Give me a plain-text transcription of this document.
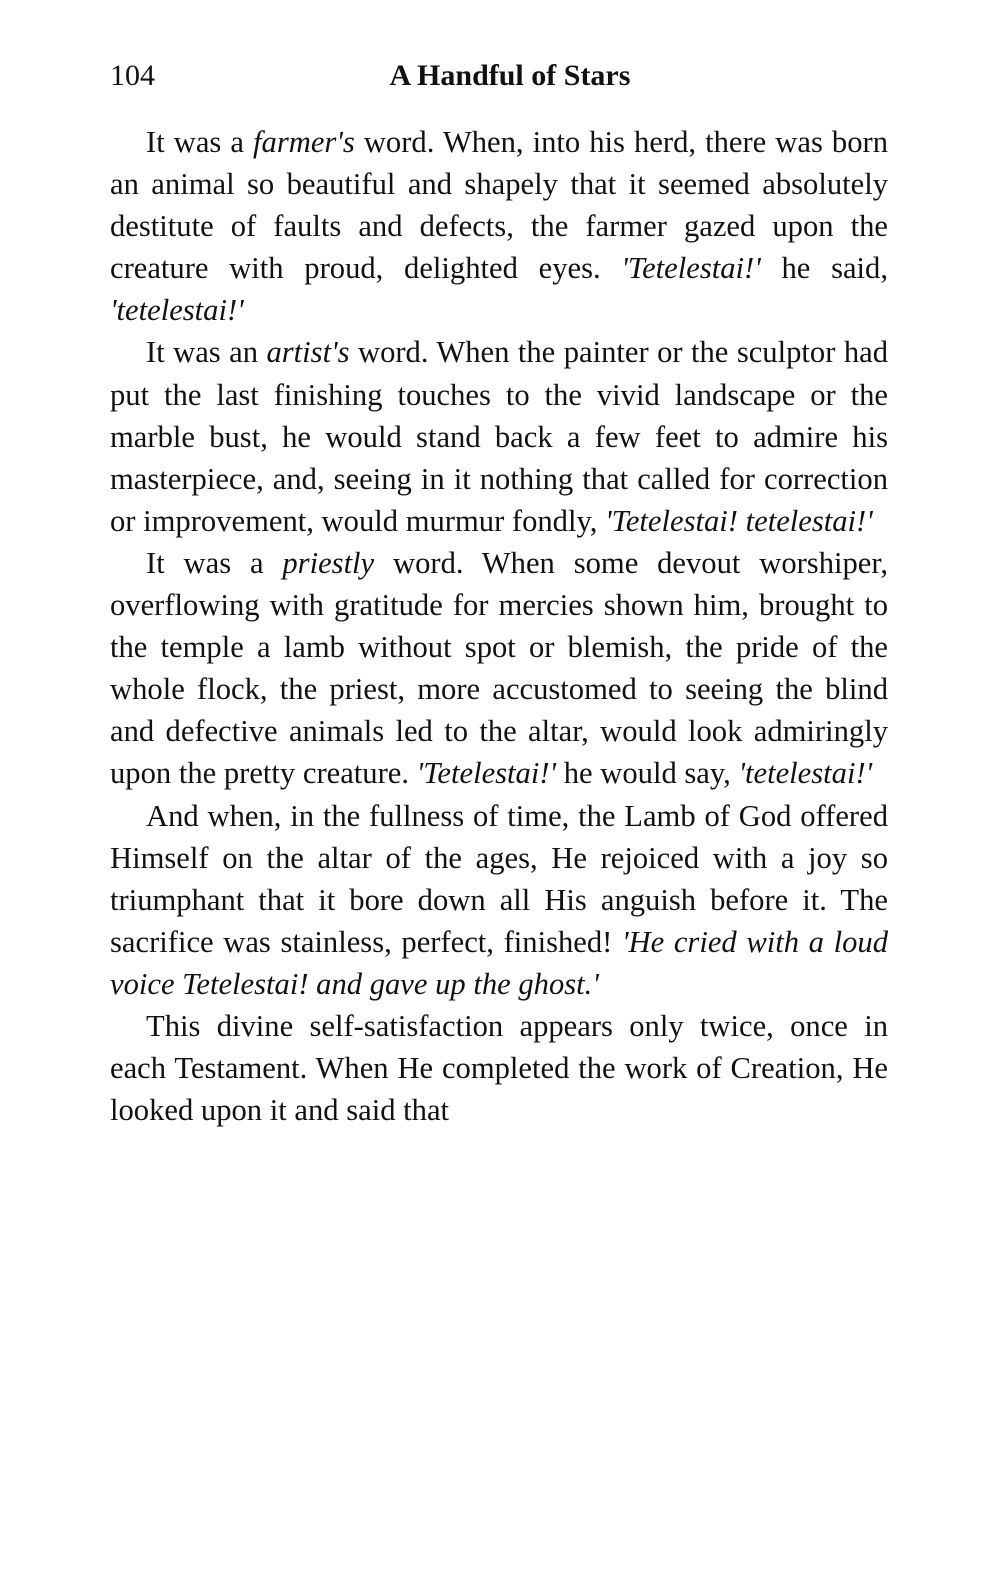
104	A Handful of Stars

It was a farmer's word. When, into his herd, there was born an animal so beautiful and shapely that it seemed absolutely destitute of faults and defects, the farmer gazed upon the creature with proud, delighted eyes. 'Tetelestai!' he said, 'tetelestai!'

It was an artist's word. When the painter or the sculptor had put the last finishing touches to the vivid landscape or the marble bust, he would stand back a few feet to admire his masterpiece, and, seeing in it nothing that called for correction or improvement, would murmur fondly, 'Tetelestai! tetelestai!'

It was a priestly word. When some devout worshiper, overflowing with gratitude for mercies shown him, brought to the temple a lamb without spot or blemish, the pride of the whole flock, the priest, more accustomed to seeing the blind and defective animals led to the altar, would look admiringly upon the pretty creature. 'Tetelestai!' he would say, 'tetelestai!'

And when, in the fullness of time, the Lamb of God offered Himself on the altar of the ages, He rejoiced with a joy so triumphant that it bore down all His anguish before it. The sacrifice was stainless, perfect, finished! 'He cried with a loud voice Tetelestai! and gave up the ghost.'

This divine self-satisfaction appears only twice, once in each Testament. When He completed the work of Creation, He looked upon it and said that
